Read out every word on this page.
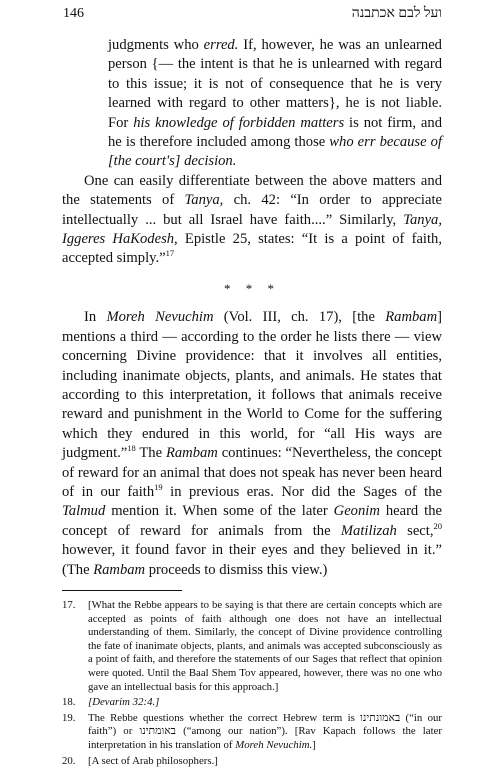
146	ועל לבם אכתבנה

judgments who erred. If, however, he was an unlearned person {— the intent is that he is unlearned with regard to this issue; it is not of consequence that he is very learned with regard to other matters}, he is not liable. For his knowledge of forbidden matters is not firm, and he is therefore included among those who err because of [the court's] decision.

One can easily differentiate between the above matters and the statements of Tanya, ch. 42: “In order to appreciate intellectually ... but all Israel have faith....” Similarly, Tanya, Iggeres HaKodesh, Epistle 25, states: “It is a point of faith, accepted simply.”$^{17}$

* * *

In Moreh Nevuchim (Vol. III, ch. 17), [the Rambam] mentions a third — according to the order he lists there — view concerning Divine providence: that it involves all entities, including inanimate objects, plants, and animals. He states that according to this interpretation, it follows that animals receive reward and punishment in the World to Come for the suffering which they endured in this world, for “all His ways are judgment.”$^{18}$ The Rambam continues: “Nevertheless, the concept of reward for an animal that does not speak has never been heard of in our faith$^{19}$ in previous eras. Nor did the Sages of the Talmud mention it. When some of the later Geonim heard the concept of reward for animals from the Matilizah sect,$^{20}$ however, it found favor in their eyes and they believed in it.” (The Rambam proceeds to dismiss this view.)

17.	[What the Rebbe appears to be saying is that there are certain concepts which are accepted as points of faith although one does not have an intellectual understanding of them. Similarly, the concept of Divine providence controlling the fate of inanimate objects, plants, and animals was accepted subconsciously as a point of faith, and therefore the statements of our Sages that reflect that opinion were quoted. Until the Baal Shem Tov appeared, however, there was no one who gave an intellectual basis for this approach.]
18.	[Devarim 32:4.]
19.	The Rebbe questions whether the correct Hebrew term is באמונתינו (“in our faith”) or באומתינו (“among our nation”). [Rav Kapach follows the later interpretation in his translation of Moreh Nevuchim.]
20.	[A sect of Arab philosophers.]
